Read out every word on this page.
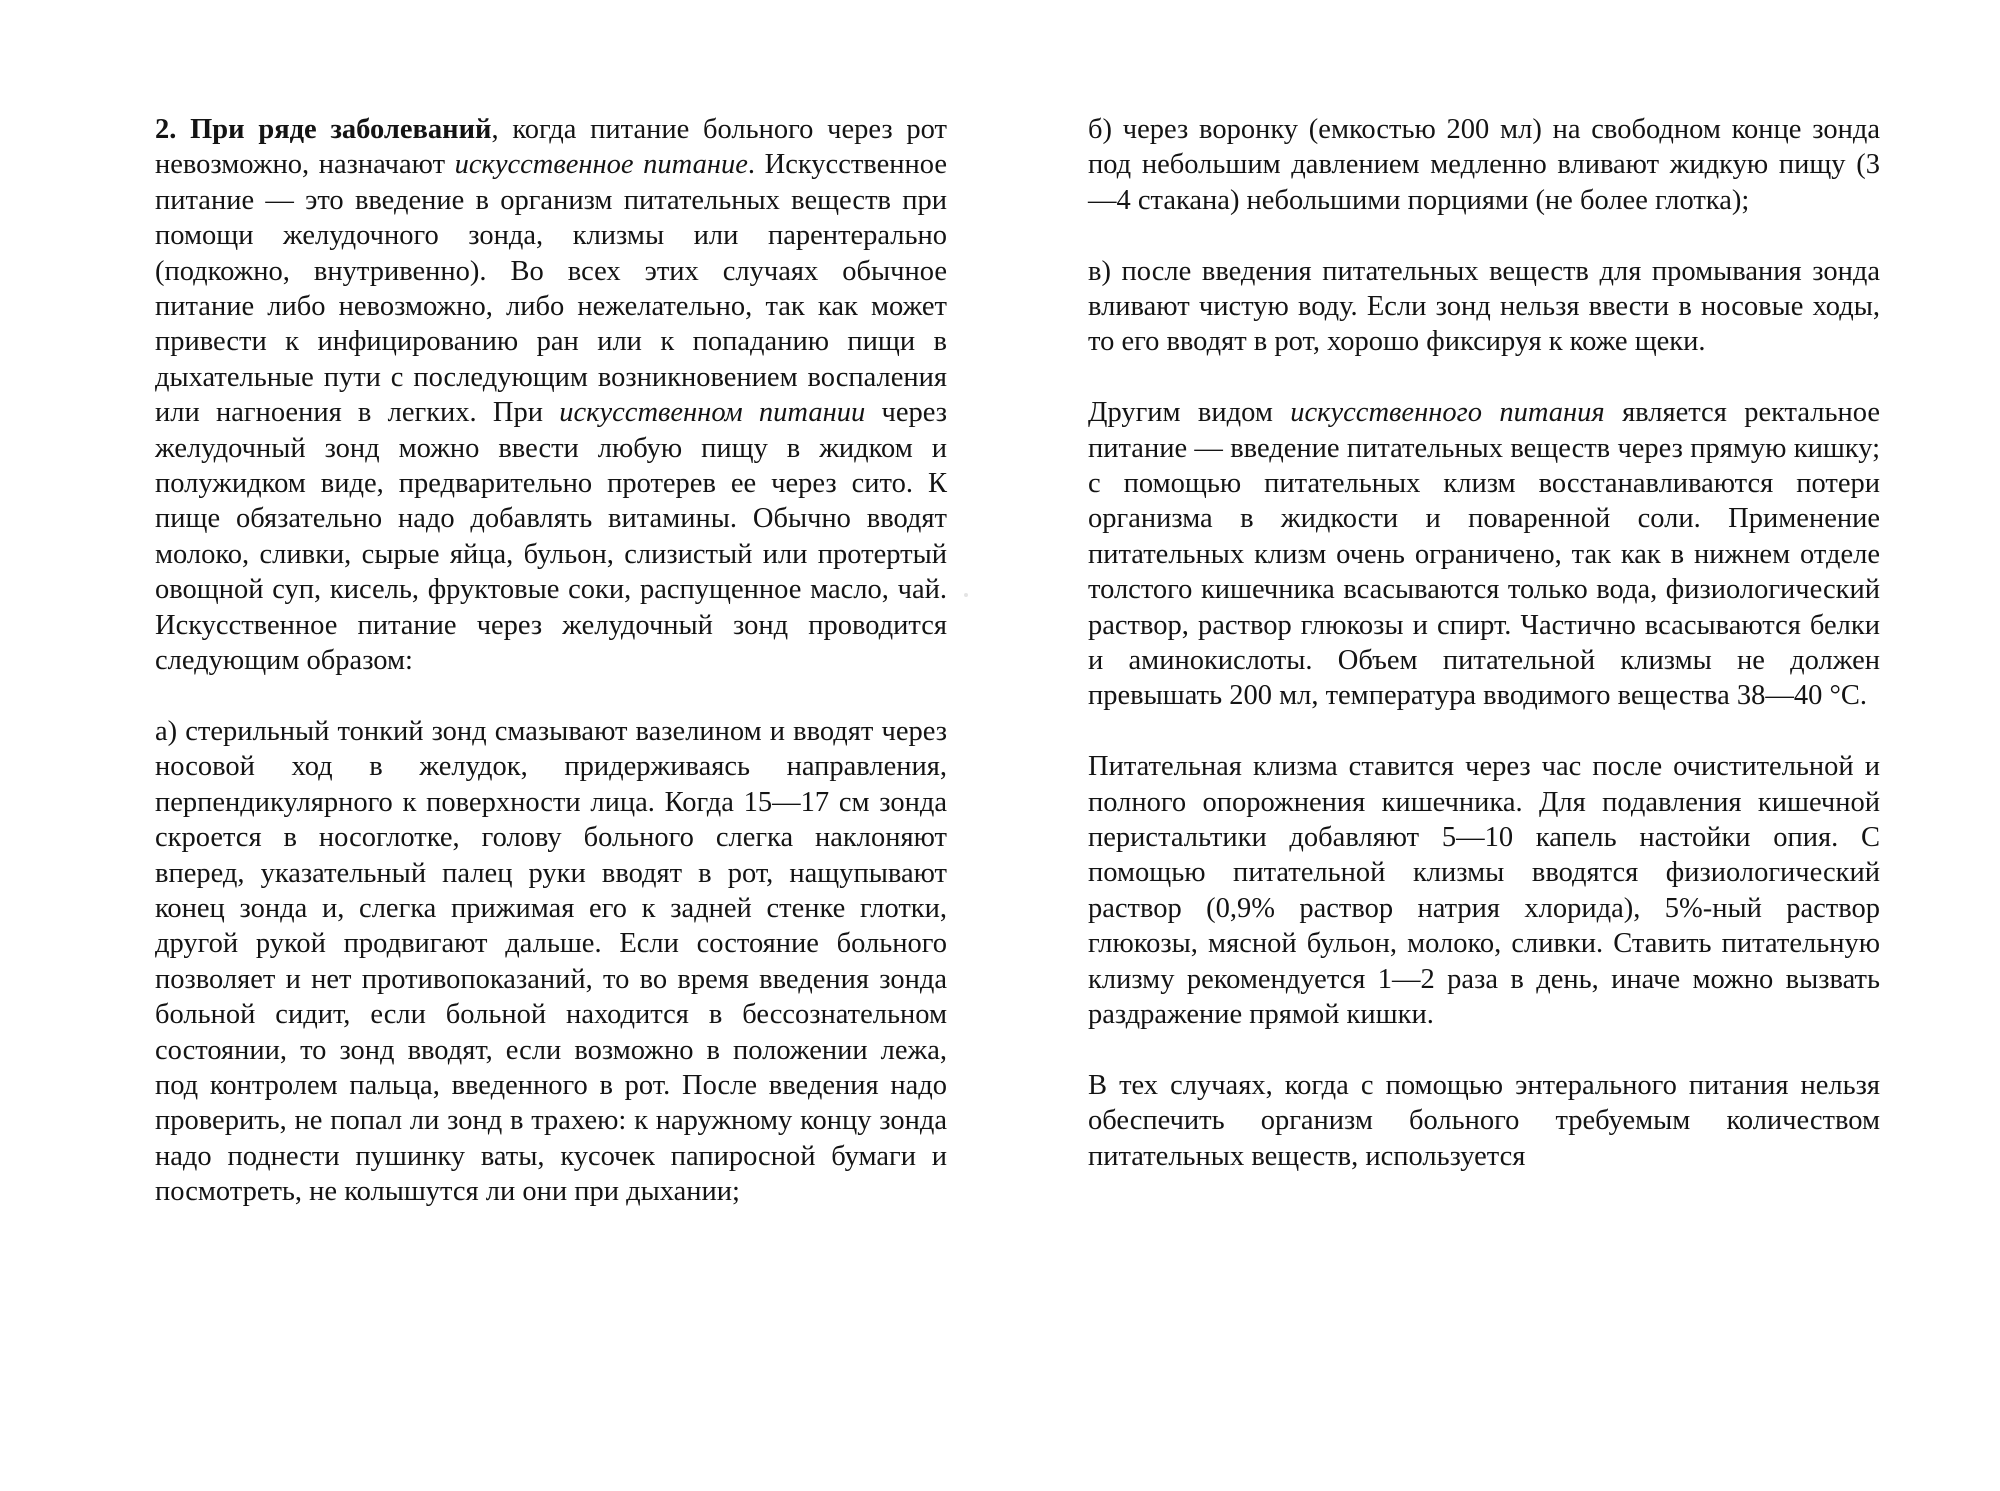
2. При ряде заболеваний, когда питание больного через рот невозможно, назначают искусственное питание. Искусственное питание — это введение в организм питательных веществ при помощи желудочного зонда, клизмы или парентерально (подкожно, внутривенно). Во всех этих случаях обычное питание либо невозможно, либо нежелательно, так как может привести к инфицированию ран или к попаданию пищи в дыхательные пути с последующим возникновением воспаления или нагноения в легких. При искусственном питании через желудочный зонд можно ввести любую пищу в жидком и полужидком виде, предварительно протерев ее через сито. К пище обязательно надо добавлять витамины. Обычно вводят молоко, сливки, сырые яйца, бульон, слизистый или протертый овощной суп, кисель, фруктовые соки, распущенное масло, чай. Искусственное питание через желудочный зонд проводится следующим образом:

а) стерильный тонкий зонд смазывают вазелином и вводят через носовой ход в желудок, придерживаясь направления, перпендикулярного к поверхности лица. Когда 15—17 см зонда скроется в носоглотке, голову больного слегка наклоняют вперед, указательный палец руки вводят в рот, нащупывают конец зонда и, слегка прижимая его к задней стенке глотки, другой рукой продвигают дальше. Если состояние больного позволяет и нет противопоказаний, то во время введения зонда больной сидит, если больной находится в бессознательном состоянии, то зонд вводят, если возможно в положении лежа, под контролем пальца, введенного в рот. После введения надо проверить, не попал ли зонд в трахею: к наружному концу зонда надо поднести пушинку ваты, кусочек папиросной бумаги и посмотреть, не колышутся ли они при дыхании;

б) через воронку (емкостью 200 мл) на свободном конце зонда под небольшим давлением медленно вливают жидкую пищу (3—4 стакана) небольшими порциями (не более глотка);

в) после введения питательных веществ для промывания зонда вливают чистую воду. Если зонд нельзя ввести в носовые ходы, то его вводят в рот, хорошо фиксируя к коже щеки.

Другим видом искусственного питания является ректальное питание — введение питательных веществ через прямую кишку; с помощью питательных клизм восстанавливаются потери организма в жидкости и поваренной соли. Применение питательных клизм очень ограничено, так как в нижнем отделе толстого кишечника всасываются только вода, физиологический раствор, раствор глюкозы и спирт. Частично всасываются белки и аминокислоты. Объем питательной клизмы не должен превышать 200 мл, температура вводимого вещества 38—40 °С.

Питательная клизма ставится через час после очистительной и полного опорожнения кишечника. Для подавления кишечной перистальтики добавляют 5—10 капель настойки опия. С помощью питательной клизмы вводятся физиологический раствор (0,9% раствор натрия хлорида), 5%-ный раствор глюкозы, мясной бульон, молоко, сливки. Ставить питательную клизму рекомендуется 1—2 раза в день, иначе можно вызвать раздражение прямой кишки.

В тех случаях, когда с помощью энтерального питания нельзя обеспечить организм больного требуемым количеством питательных веществ, используется
